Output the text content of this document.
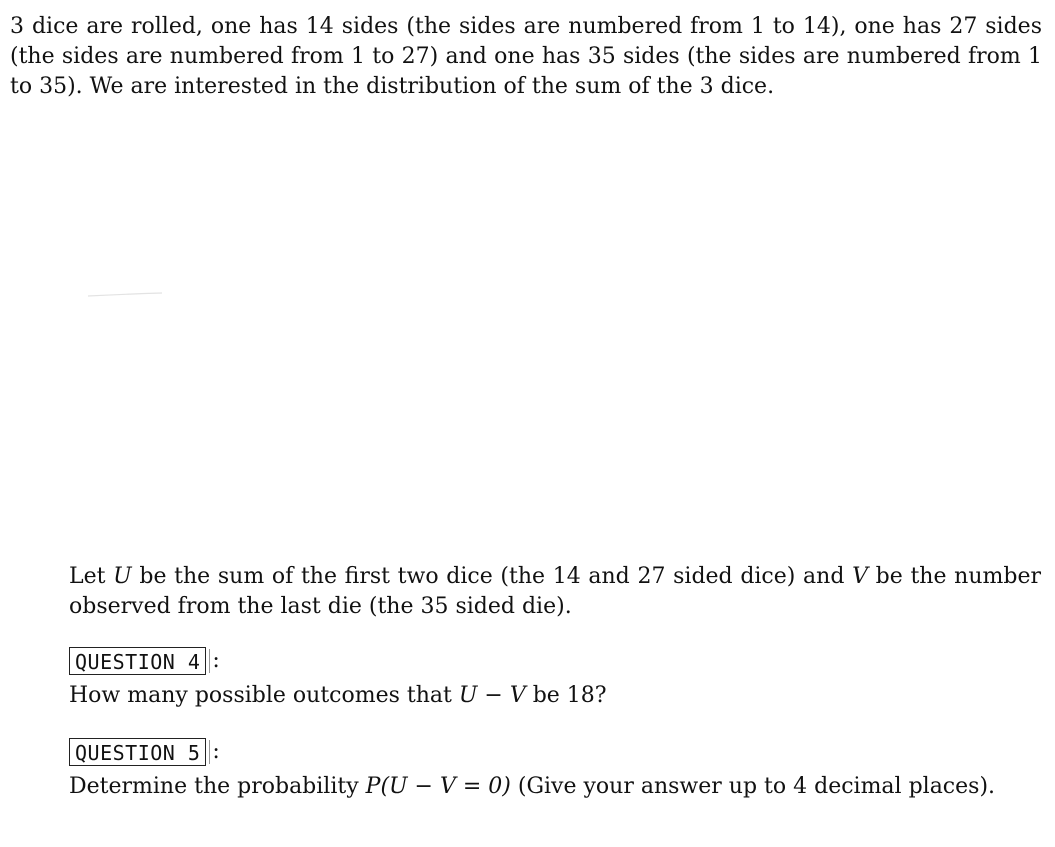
3 dice are rolled, one has 14 sides (the sides are numbered from 1 to 14), one has 27 sides (the sides are numbered from 1 to 27) and one has 35 sides (the sides are numbered from 1 to 35). We are interested in the distribution of the sum of the 3 dice.

Let U be the sum of the first two dice (the 14 and 27 sided dice) and V be the number observed from the last die (the 35 sided die).

QUESTION 4 :

How many possible outcomes that U − V be 18?

QUESTION 5 :

Determine the probability P(U − V = 0) (Give your answer up to 4 decimal places).
